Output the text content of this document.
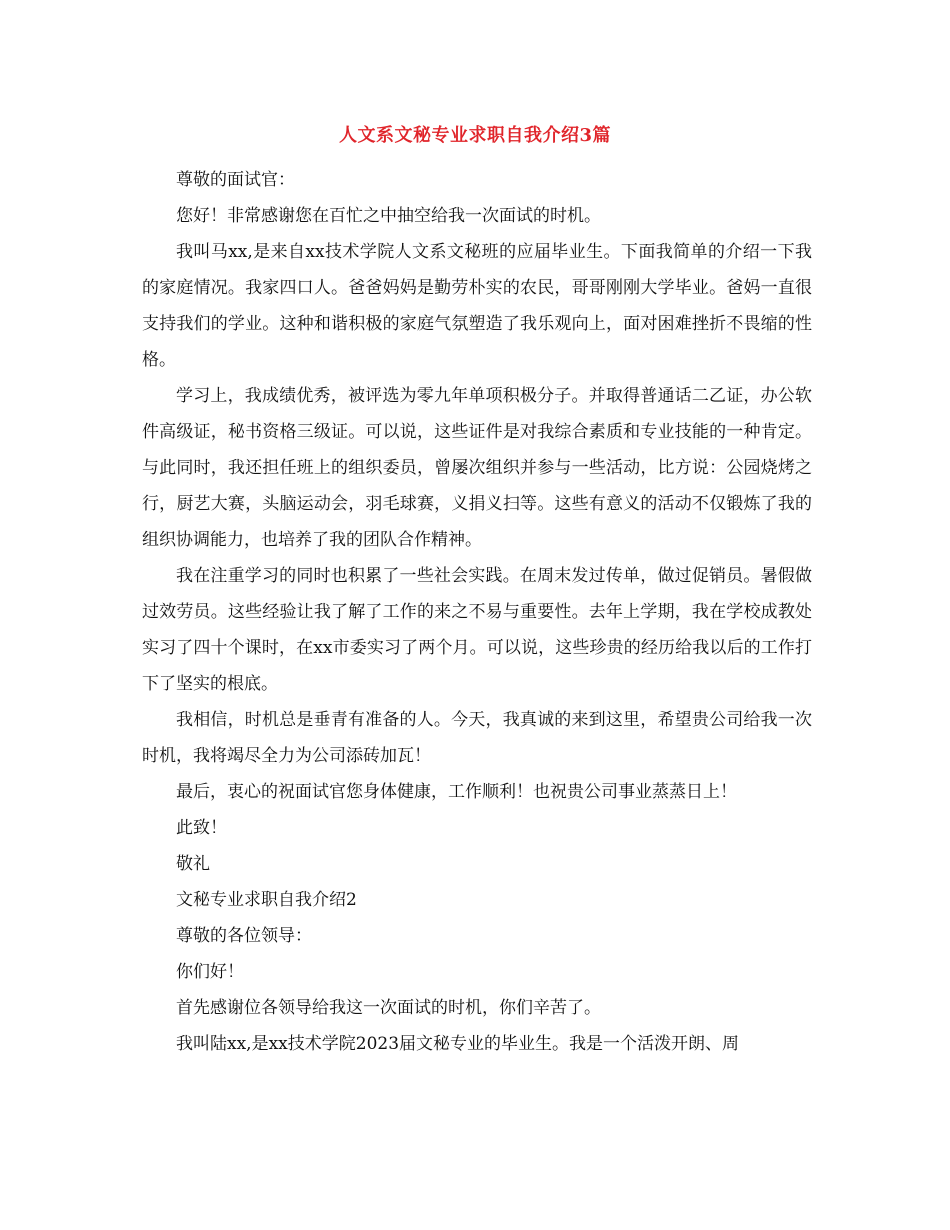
人文系文秘专业求职自我介绍3篇

尊敬的面试官：

您好！非常感谢您在百忙之中抽空给我一次面试的时机。

我叫马xx,是来自xx技术学院人文系文秘班的应届毕业生。下面我简单的介绍一下我的家庭情况。我家四口人。爸爸妈妈是勤劳朴实的农民，哥哥刚刚大学毕业。爸妈一直很支持我们的学业。这种和谐积极的家庭气氛塑造了我乐观向上，面对困难挫折不畏缩的性格。

学习上，我成绩优秀，被评选为零九年单项积极分子。并取得普通话二乙证，办公软件高级证，秘书资格三级证。可以说，这些证件是对我综合素质和专业技能的一种肯定。与此同时，我还担任班上的组织委员，曾屡次组织并参与一些活动，比方说：公园烧烤之行，厨艺大赛，头脑运动会，羽毛球赛，义捐义扫等。这些有意义的活动不仅锻炼了我的组织协调能力，也培养了我的团队合作精神。

我在注重学习的同时也积累了一些社会实践。在周末发过传单，做过促销员。暑假做过效劳员。这些经验让我了解了工作的来之不易与重要性。去年上学期，我在学校成教处实习了四十个课时，在xx市委实习了两个月。可以说，这些珍贵的经历给我以后的工作打下了坚实的根底。

我相信，时机总是垂青有准备的人。今天，我真诚的来到这里，希望贵公司给我一次时机，我将竭尽全力为公司添砖加瓦！

最后，衷心的祝面试官您身体健康，工作顺利！也祝贵公司事业蒸蒸日上！

此致！

敬礼

文秘专业求职自我介绍2

尊敬的各位领导：

你们好！

首先感谢位各领导给我这一次面试的时机，你们辛苦了。

我叫陆xx,是xx技术学院2023届文秘专业的毕业生。我是一个活泼开朗、周
